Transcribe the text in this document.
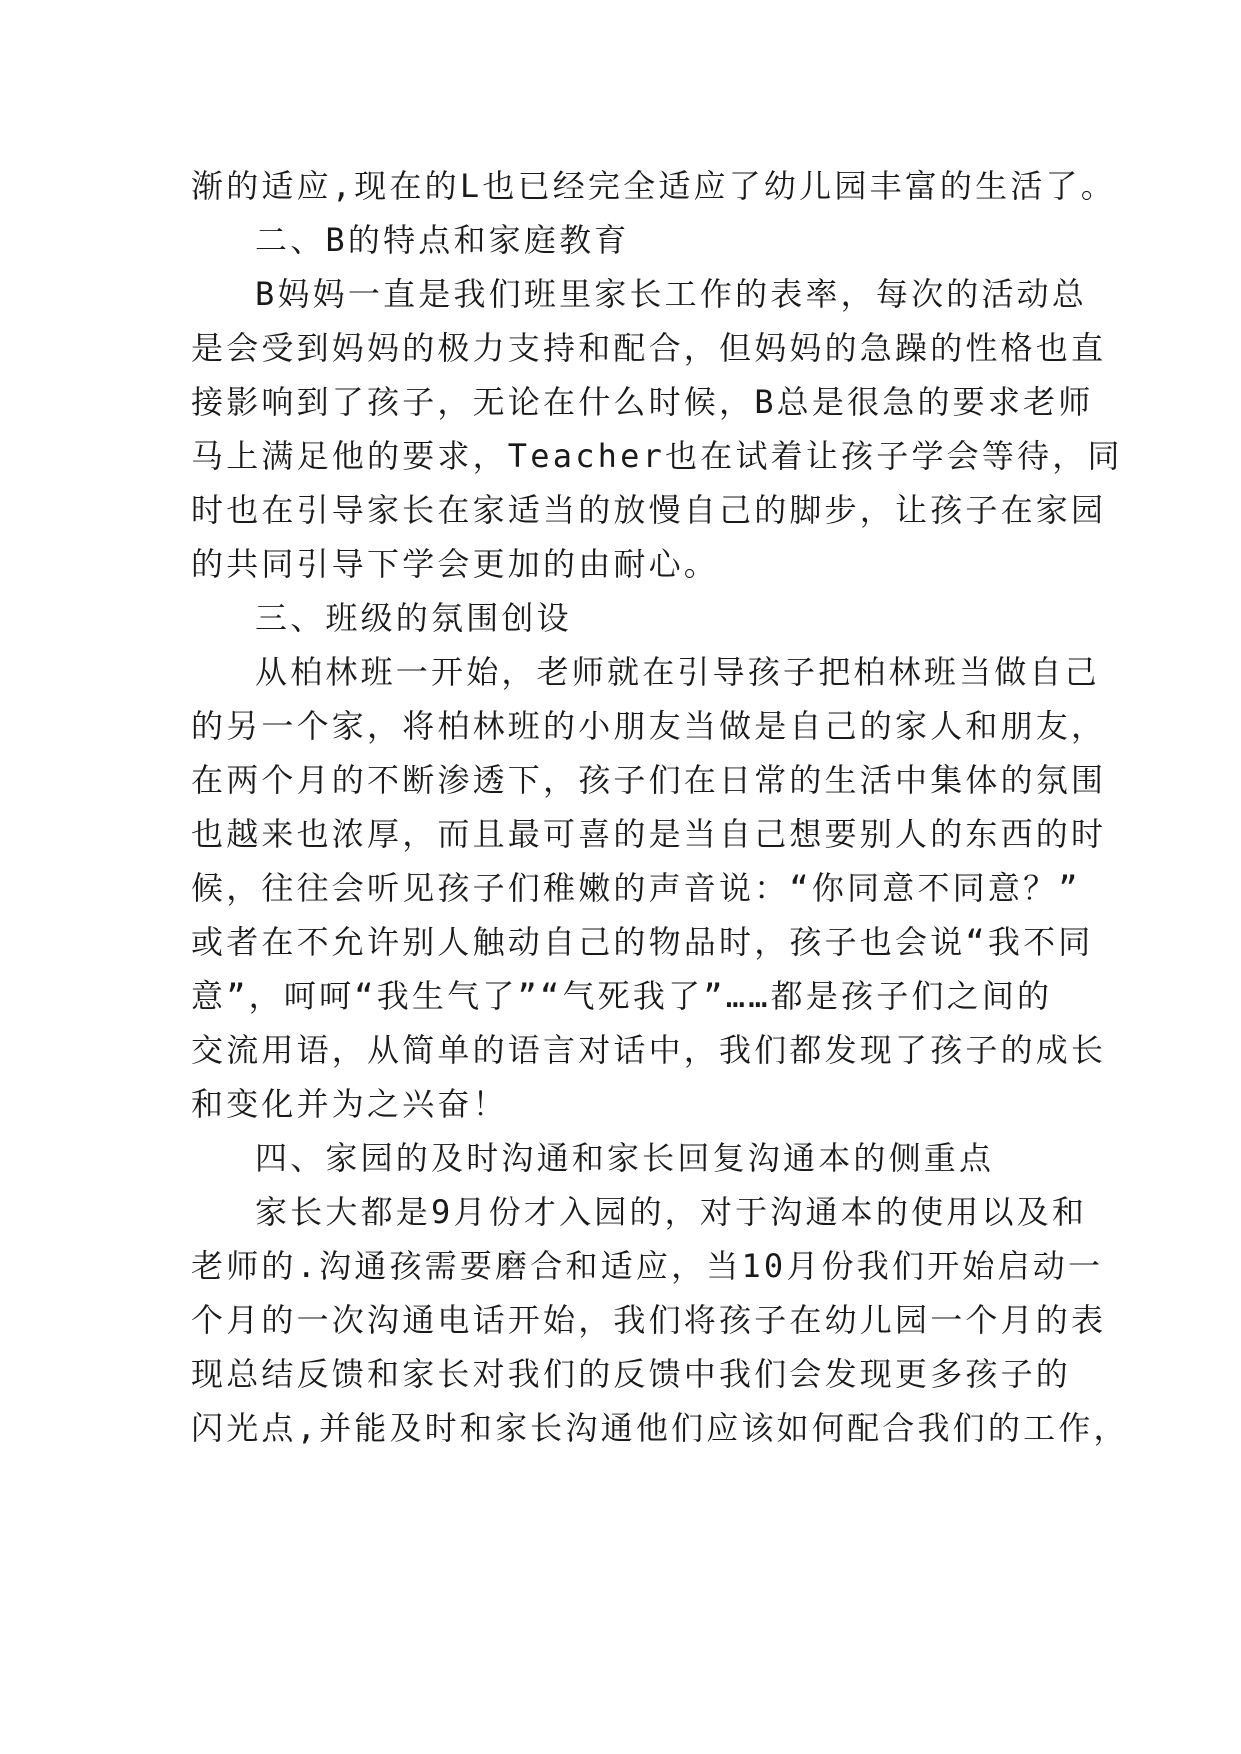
渐的适应,现在的L也已经完全适应了幼儿园丰富的生活了。
二、B的特点和家庭教育
B妈妈一直是我们班里家长工作的表率，每次的活动总
是会受到妈妈的极力支持和配合，但妈妈的急躁的性格也直
接影响到了孩子，无论在什么时候，B总是很急的要求老师
马上满足他的要求，Teacher也在试着让孩子学会等待，同
时也在引导家长在家适当的放慢自己的脚步，让孩子在家园
的共同引导下学会更加的由耐心。
三、班级的氛围创设
从柏林班一开始，老师就在引导孩子把柏林班当做自己
的另一个家，将柏林班的小朋友当做是自己的家人和朋友，
在两个月的不断渗透下，孩子们在日常的生活中集体的氛围
也越来也浓厚，而且最可喜的是当自己想要别人的东西的时
候，往往会听见孩子们稚嫩的声音说：“你同意不同意？”
或者在不允许别人触动自己的物品时，孩子也会说“我不同
意”，呵呵“我生气了”“气死我了”……都是孩子们之间的
交流用语，从简单的语言对话中，我们都发现了孩子的成长
和变化并为之兴奋！
四、家园的及时沟通和家长回复沟通本的侧重点
家长大都是9月份才入园的，对于沟通本的使用以及和
老师的.沟通孩需要磨合和适应，当10月份我们开始启动一
个月的一次沟通电话开始，我们将孩子在幼儿园一个月的表
现总结反馈和家长对我们的反馈中我们会发现更多孩子的
闪光点,并能及时和家长沟通他们应该如何配合我们的工作，
